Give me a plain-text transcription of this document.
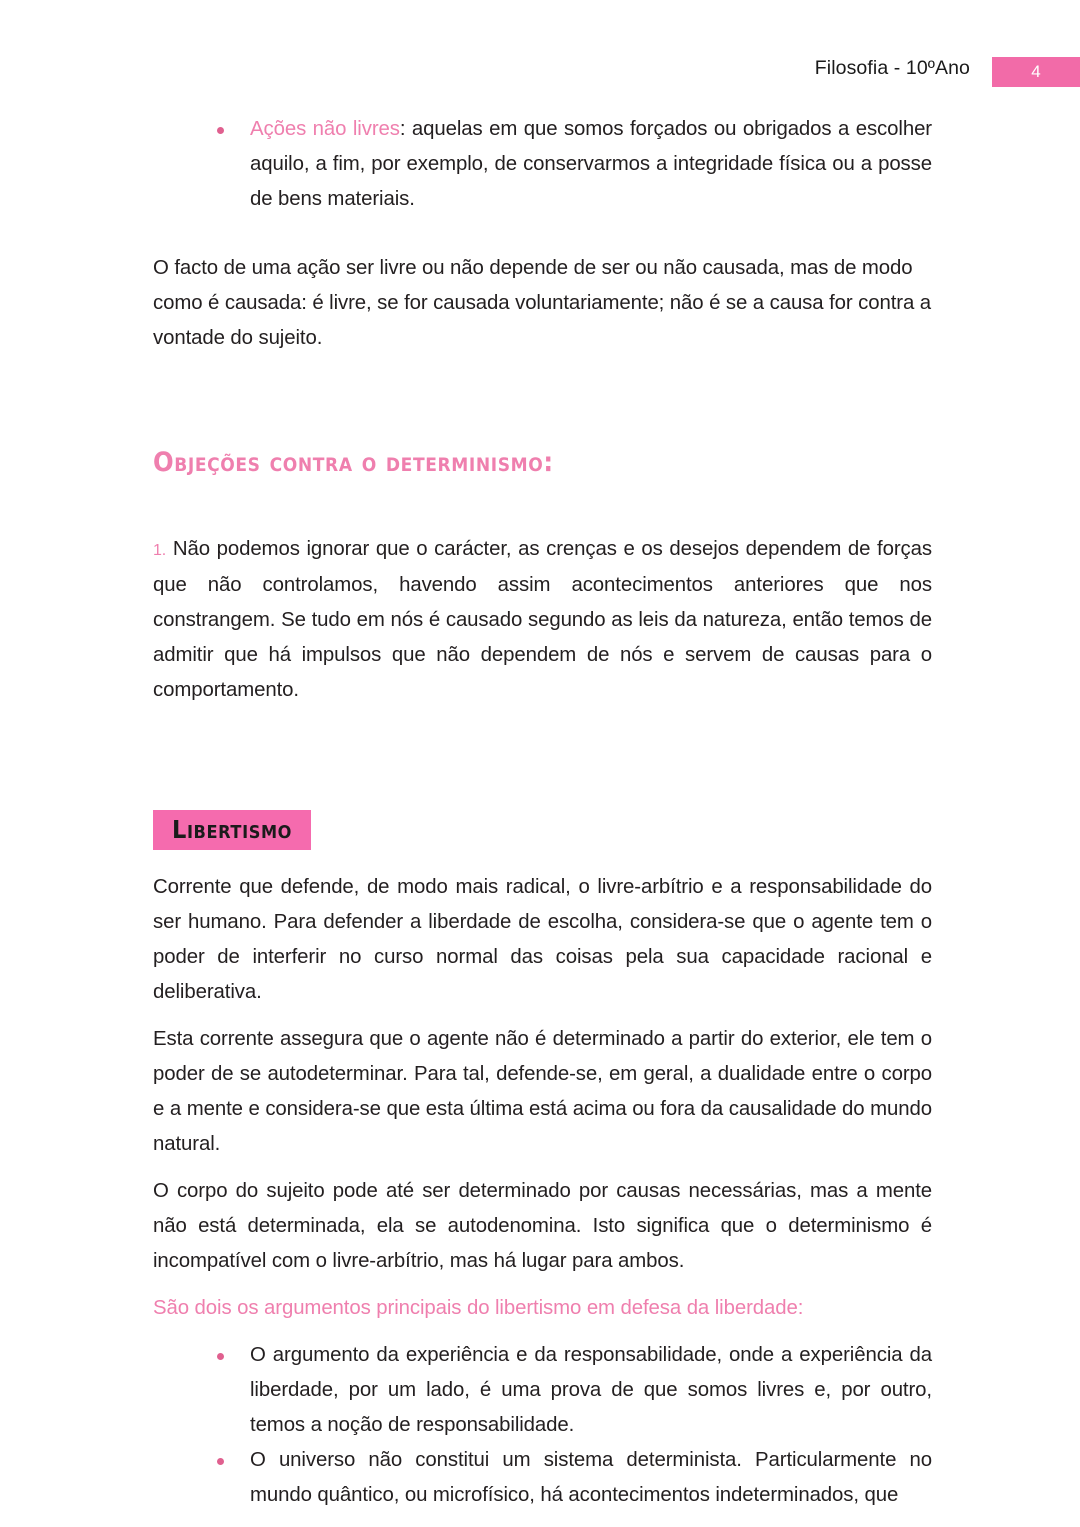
Filosofia - 10ºAno	4
Ações não livres: aquelas em que somos forçados ou obrigados a escolher aquilo, a fim, por exemplo, de conservarmos a integridade física ou a posse de bens materiais.

O facto de uma ação ser livre ou não depende de ser ou não causada, mas de modo como é causada: é livre, se for causada voluntariamente; não é se a causa for contra a vontade do sujeito.

Objeções contra o determinismo:

1. Não podemos ignorar que o carácter, as crenças e os desejos dependem de forças que não controlamos, havendo assim acontecimentos anteriores que nos constrangem. Se tudo em nós é causado segundo as leis da natureza, então temos de admitir que há impulsos que não dependem de nós e servem de causas para o comportamento.

Libertismo

Corrente que defende, de modo mais radical, o livre-arbítrio e a responsabilidade do ser humano. Para defender a liberdade de escolha, considera-se que o agente tem o poder de interferir no curso normal das coisas pela sua capacidade racional e deliberativa.

Esta corrente assegura que o agente não é determinado a partir do exterior, ele tem o poder de se autodeterminar. Para tal, defende-se, em geral, a dualidade entre o corpo e a mente e considera-se que esta última está acima ou fora da causalidade do mundo natural.

O corpo do sujeito pode até ser determinado por causas necessárias, mas a mente não está determinada, ela se autodenomina. Isto significa que o determinismo é incompatível com o livre-arbítrio, mas há lugar para ambos.

São dois os argumentos principais do libertismo em defesa da liberdade:

O argumento da experiência e da responsabilidade, onde a experiência da liberdade, por um lado, é uma prova de que somos livres e, por outro, temos a noção de responsabilidade.
O universo não constitui um sistema determinista. Particularmente no mundo quântico, ou microfísico, há acontecimentos indeterminados, que
